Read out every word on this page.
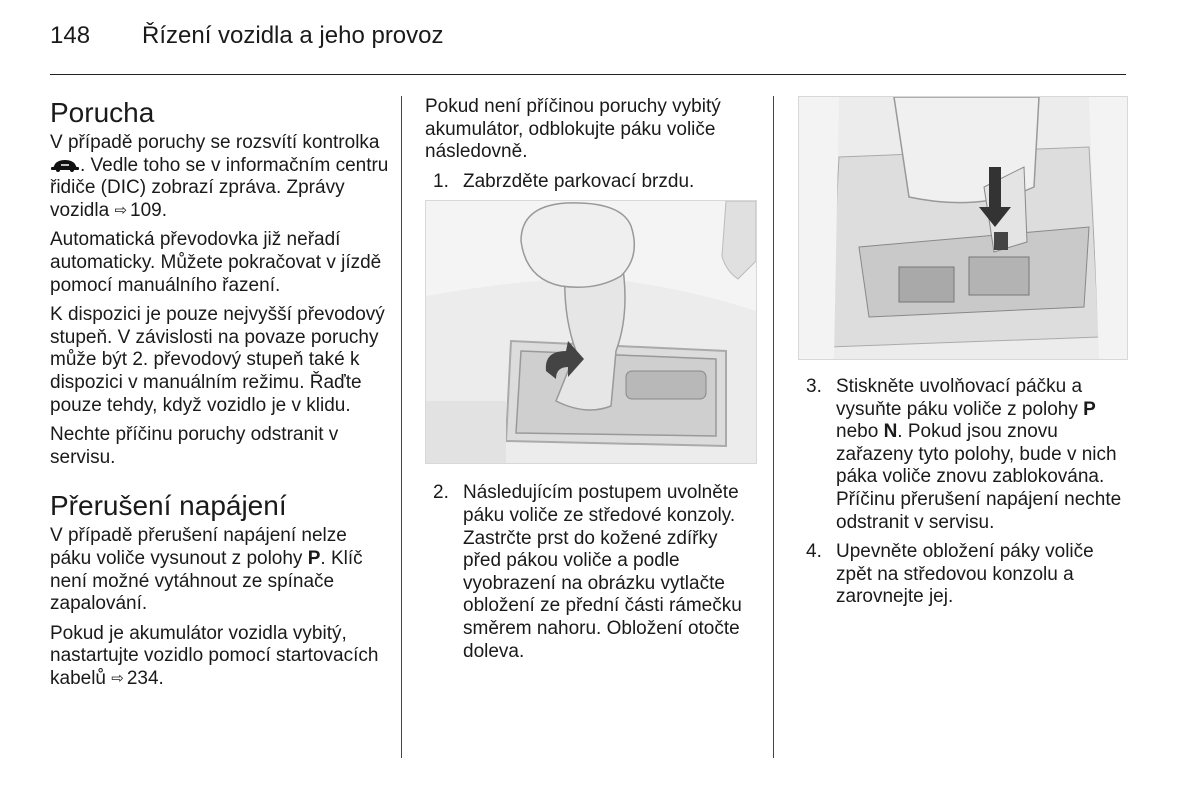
148 Řízení vozidla a jeho provoz
Porucha

V případě poruchy se rozsvítí kontrolka . Vedle toho se v informačním centru řidiče (DIC) zobrazí zpráva. Zprávy vozidla ⇨ 109.

Automatická převodovka již neřadí automaticky. Můžete pokračovat v jízdě pomocí manuálního řazení.

K dispozici je pouze nejvyšší převodový stupeň. V závislosti na povaze poruchy může být 2. převodový stupeň také k dispozici v manuálním režimu. Řaďte pouze tehdy, když vozidlo je v klidu.

Nechte příčinu poruchy odstranit v servisu.

Přerušení napájení

V případě přerušení napájení nelze páku voliče vysunout z polohy P. Klíč není možné vytáhnout ze spínače zapalování.

Pokud je akumulátor vozidla vybitý, nastartujte vozidlo pomocí startovacích kabelů ⇨ 234.

Pokud není příčinou poruchy vybitý akumulátor, odblokujte páku voliče následovně.

1. Zabrzděte parkovací brzdu.
2. Následujícím postupem uvolněte páku voliče ze středové konzoly. Zastrčte prst do kožené zdířky před pákou voliče a podle vyobrazení na obrázku vytlačte obložení ze přední části rámečku směrem nahoru. Obložení otočte doleva.
3. Stiskněte uvolňovací páčku a vysuňte páku voliče z polohy P nebo N. Pokud jsou znovu zařazeny tyto polohy, bude v nich páka voliče znovu zablokována. Příčinu přerušení napájení nechte odstranit v servisu.
4. Upevněte obložení páky voliče zpět na středovou konzolu a zarovnejte jej.
